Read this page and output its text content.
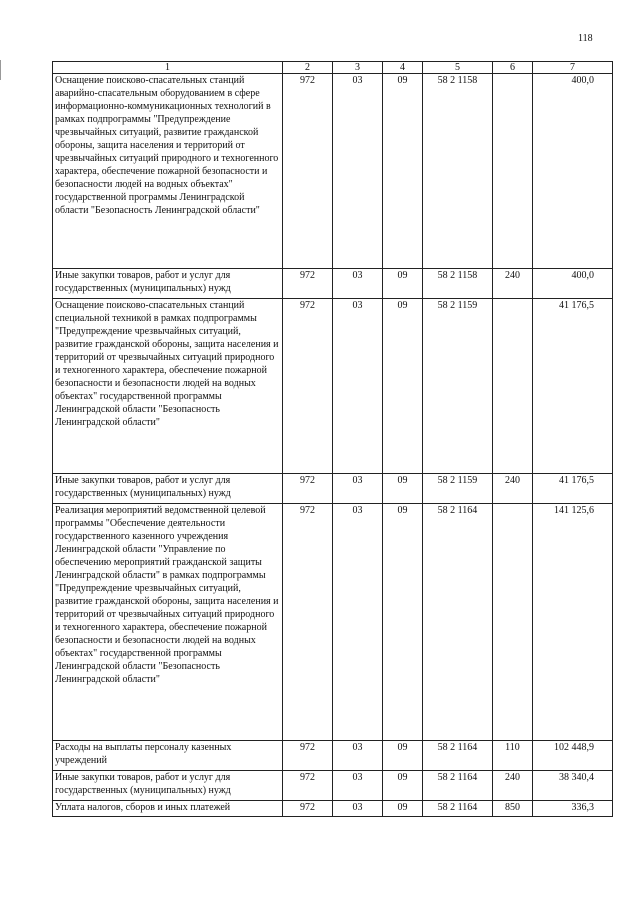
118
1	2	3	4	5	6	7
Оснащение поисково-спасательных станций аварийно-спасательным оборудованием в сфере информационно-коммуникационных технологий в рамках подпрограммы "Предупреждение чрезвычайных ситуаций, развитие гражданской обороны, защита населения и территорий от чрезвычайных ситуаций природного и техногенного характера, обеспечение пожарной безопасности и безопасности людей на водных объектах" государственной программы Ленинградской области "Безопасность Ленинградской области"	972	03	09	58 2 1158		400,0
Иные закупки товаров, работ и услуг для государственных (муниципальных) нужд	972	03	09	58 2 1158	240	400,0
Оснащение поисково-спасательных станций специальной техникой в рамках подпрограммы "Предупреждение чрезвычайных ситуаций, развитие гражданской обороны, защита населения и территорий от чрезвычайных ситуаций природного и техногенного характера, обеспечение пожарной безопасности и безопасности людей на водных объектах" государственной программы Ленинградской области "Безопасность Ленинградской области"	972	03	09	58 2 1159		41 176,5
Иные закупки товаров, работ и услуг для государственных (муниципальных) нужд	972	03	09	58 2 1159	240	41 176,5
Реализация мероприятий ведомственной целевой программы "Обеспечение деятельности государственного казенного учреждения Ленинградской области "Управление по обеспечению мероприятий гражданской защиты Ленинградской области" в рамках подпрограммы "Предупреждение чрезвычайных ситуаций, развитие гражданской обороны, защита населения и территорий от чрезвычайных ситуаций природного и техногенного характера, обеспечение пожарной безопасности и безопасности людей на водных объектах" государственной программы Ленинградской области "Безопасность Ленинградской области"	972	03	09	58 2 1164		141 125,6
Расходы на выплаты персоналу казенных учреждений	972	03	09	58 2 1164	110	102 448,9
Иные закупки товаров, работ и услуг для государственных (муниципальных) нужд	972	03	09	58 2 1164	240	38 340,4
Уплата налогов, сборов и иных платежей	972	03	09	58 2 1164	850	336,3
